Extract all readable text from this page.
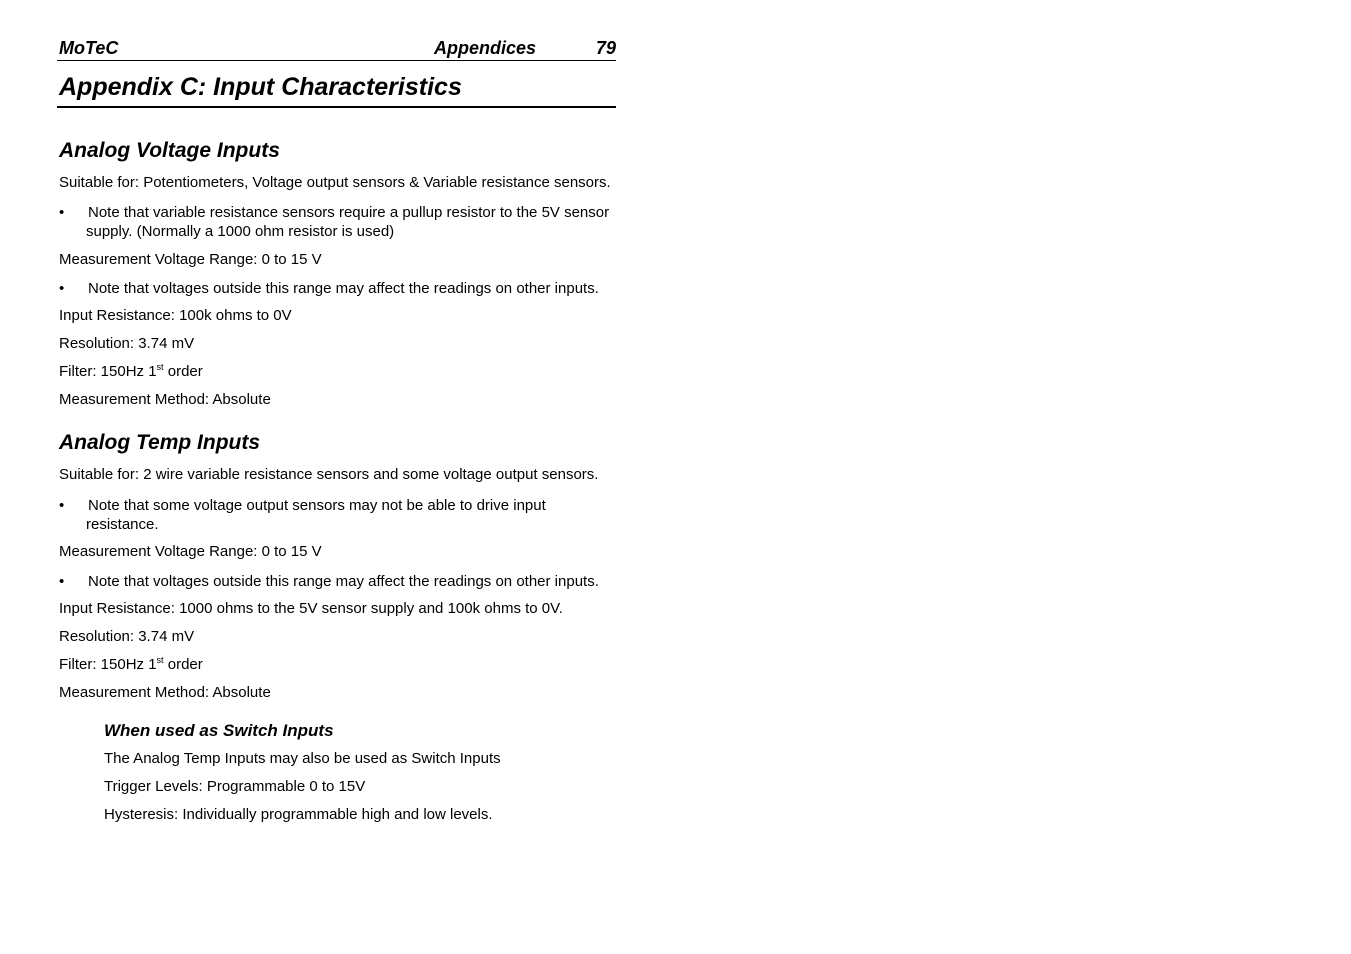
MoTeC	Appendices	79
Appendix C: Input Characteristics
Analog Voltage Inputs

Suitable for: Potentiometers, Voltage output sensors & Variable resistance sensors.

• Note that variable resistance sensors require a pullup resistor to the 5V sensor supply. (Normally a 1000 ohm resistor is used)

Measurement Voltage Range: 0 to 15 V

• Note that voltages outside this range may affect the readings on other inputs.

Input Resistance: 100k ohms to 0V

Resolution: 3.74 mV

Filter: 150Hz 1st order

Measurement Method: Absolute

Analog Temp Inputs

Suitable for: 2 wire variable resistance sensors and some voltage output sensors.

• Note that some voltage output sensors may not be able to drive input resistance.

Measurement Voltage Range: 0 to 15 V

• Note that voltages outside this range may affect the readings on other inputs.

Input Resistance: 1000 ohms to the 5V sensor supply and 100k ohms to 0V.

Resolution: 3.74 mV

Filter: 150Hz 1st order

Measurement Method: Absolute

When used as Switch Inputs

The Analog Temp Inputs may also be used as Switch Inputs

Trigger Levels: Programmable 0 to 15V

Hysteresis: Individually programmable high and low levels.
